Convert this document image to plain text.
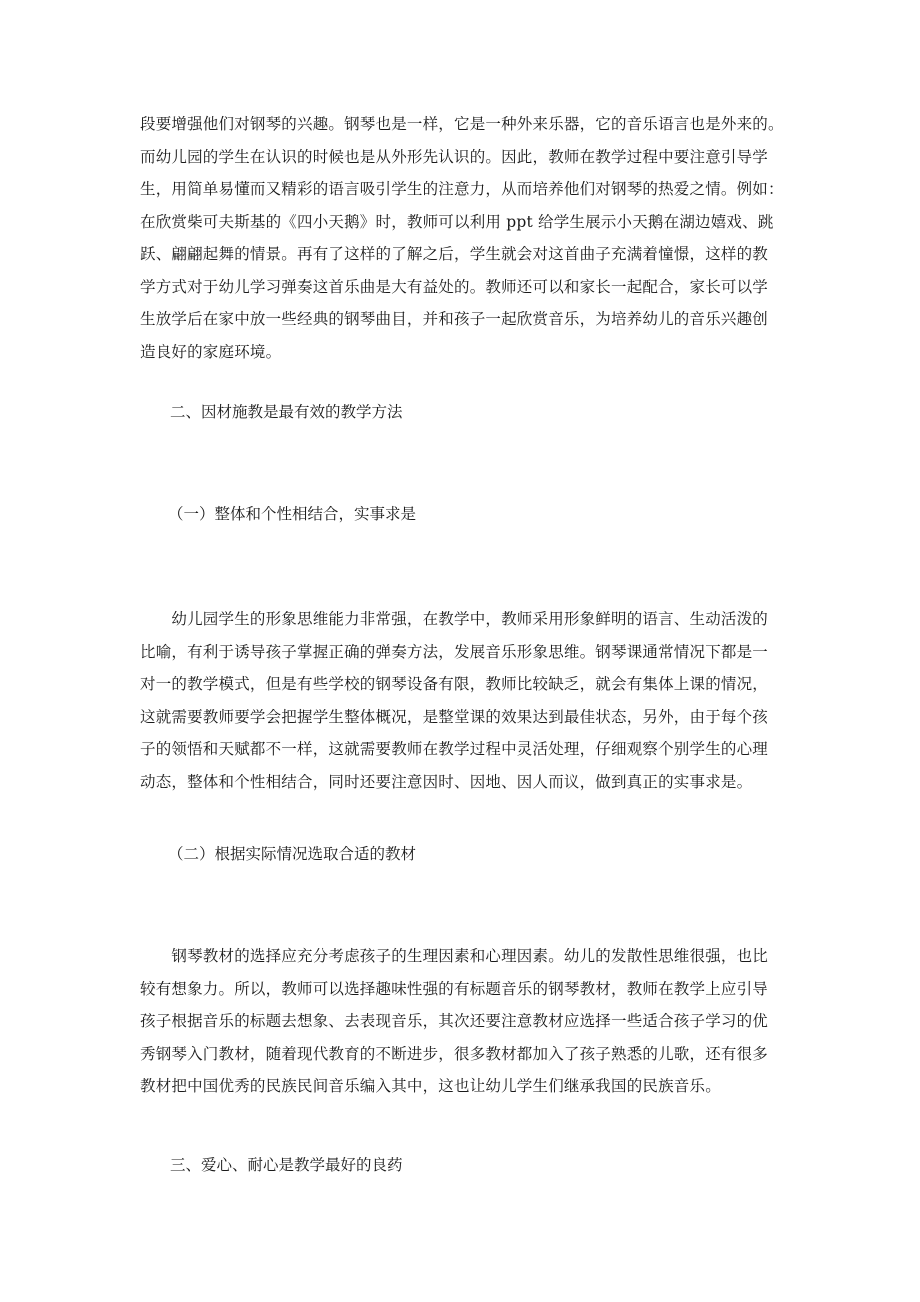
段要增强他们对钢琴的兴趣。钢琴也是一样，它是一种外来乐器，它的音乐语言也是外来的。
而幼儿园的学生在认识的时候也是从外形先认识的。因此，教师在教学过程中要注意引导学
生，用简单易懂而又精彩的语言吸引学生的注意力，从而培养他们对钢琴的热爱之情。例如：
在欣赏柴可夫斯基的《四小天鹅》时，教师可以利用 ppt 给学生展示小天鹅在湖边嬉戏、跳
跃、翩翩起舞的情景。再有了这样的了解之后，学生就会对这首曲子充满着憧憬，这样的教
学方式对于幼儿学习弹奏这首乐曲是大有益处的。教师还可以和家长一起配合，家长可以学
生放学后在家中放一些经典的钢琴曲目，并和孩子一起欣赏音乐，为培养幼儿的音乐兴趣创
造良好的家庭环境。

二、因材施教是最有效的教学方法
（一）整体和个性相结合，实事求是

　　幼儿园学生的形象思维能力非常强，在教学中，教师采用形象鲜明的语言、生动活泼的
比喻，有利于诱导孩子掌握正确的弹奏方法，发展音乐形象思维。钢琴课通常情况下都是一
对一的教学模式，但是有些学校的钢琴设备有限，教师比较缺乏，就会有集体上课的情况，
这就需要教师要学会把握学生整体概况，是整堂课的效果达到最佳状态，另外，由于每个孩
子的领悟和天赋都不一样，这就需要教师在教学过程中灵活处理，仔细观察个别学生的心理
动态，整体和个性相结合，同时还要注意因时、因地、因人而议，做到真正的实事求是。

（二）根据实际情况选取合适的教材

　　钢琴教材的选择应充分考虑孩子的生理因素和心理因素。幼儿的发散性思维很强，也比
较有想象力。所以，教师可以选择趣味性强的有标题音乐的钢琴教材，教师在教学上应引导
孩子根据音乐的标题去想象、去表现音乐，其次还要注意教材应选择一些适合孩子学习的优
秀钢琴入门教材，随着现代教育的不断进步，很多教材都加入了孩子熟悉的儿歌，还有很多
教材把中国优秀的民族民间音乐编入其中，这也让幼儿学生们继承我国的民族音乐。

三、爱心、耐心是教学最好的良药
